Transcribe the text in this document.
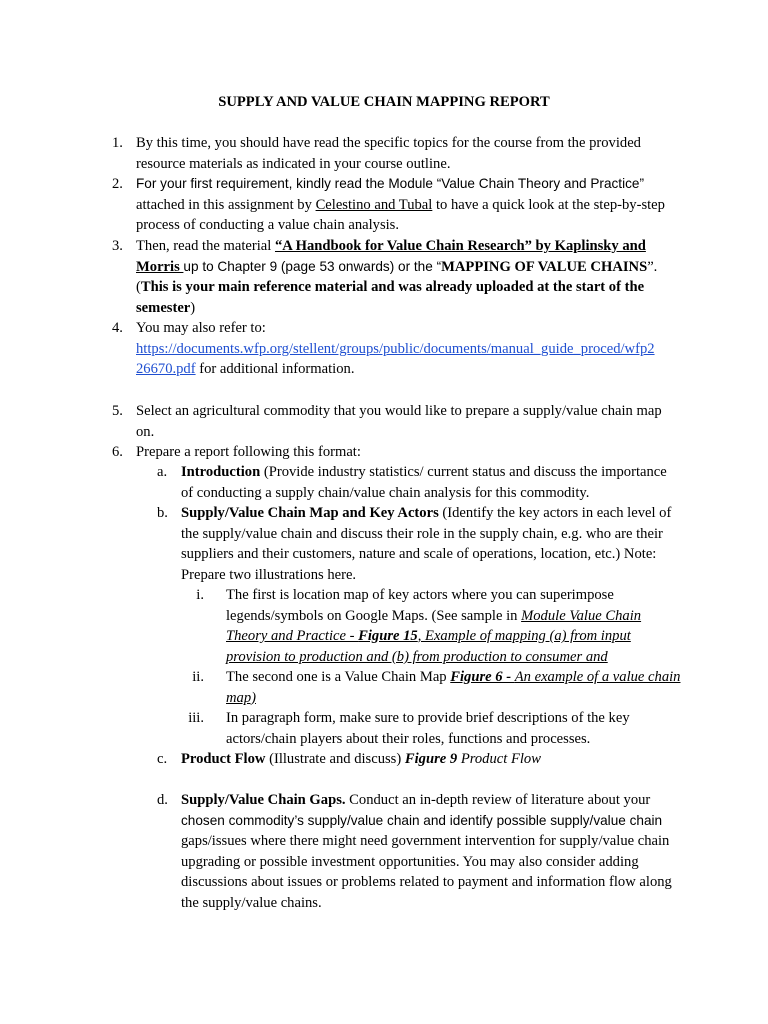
SUPPLY AND VALUE CHAIN MAPPING REPORT
1. By this time, you should have read the specific topics for the course from the provided resource materials as indicated in your course outline.
2. For your first requirement, kindly read the Module “Value Chain Theory and Practice”
attached in this assignment by Celestino and Tubal to have a quick look at the step-by-step process of conducting a value chain analysis.
3. Then, read the material “A Handbook for Value Chain Research” by Kaplinsky and Morris up to Chapter 9 (page 53 onwards) or the “MAPPING OF VALUE CHAINS”. (This is your main reference material and was already uploaded at the start of the semester)
4. You may also refer to:
https://documents.wfp.org/stellent/groups/public/documents/manual_guide_proced/wfp2
26670.pdf for additional information.
5. Select an agricultural commodity that you would like to prepare a supply/value chain map on.
6. Prepare a report following this format:
a. Introduction (Provide industry statistics/ current status and discuss the importance of conducting a supply chain/value chain analysis for this commodity.
b. Supply/Value Chain Map and Key Actors (Identify the key actors in each level of the supply/value chain and discuss their role in the supply chain, e.g. who are their suppliers and their customers, nature and scale of operations, location, etc.) Note: Prepare two illustrations here.
i. The first is location map of key actors where you can superimpose legends/symbols on Google Maps. (See sample in Module Value Chain Theory and Practice - Figure 15, Example of mapping (a) from input provision to production and (b) from production to consumer and
ii. The second one is a Value Chain Map Figure 6 - An example of a value chain map)
iii. In paragraph form, make sure to provide brief descriptions of the key actors/chain players about their roles, functions and processes.
c. Product Flow (Illustrate and discuss) Figure 9 Product Flow
d. Supply/Value Chain Gaps. Conduct an in-depth review of literature about your
chosen commodity’s supply/value chain and identify possible supply/value chain
gaps/issues where there might need government intervention for supply/value chain upgrading or possible investment opportunities. You may also consider adding discussions about issues or problems related to payment and information flow along the supply/value chains.
